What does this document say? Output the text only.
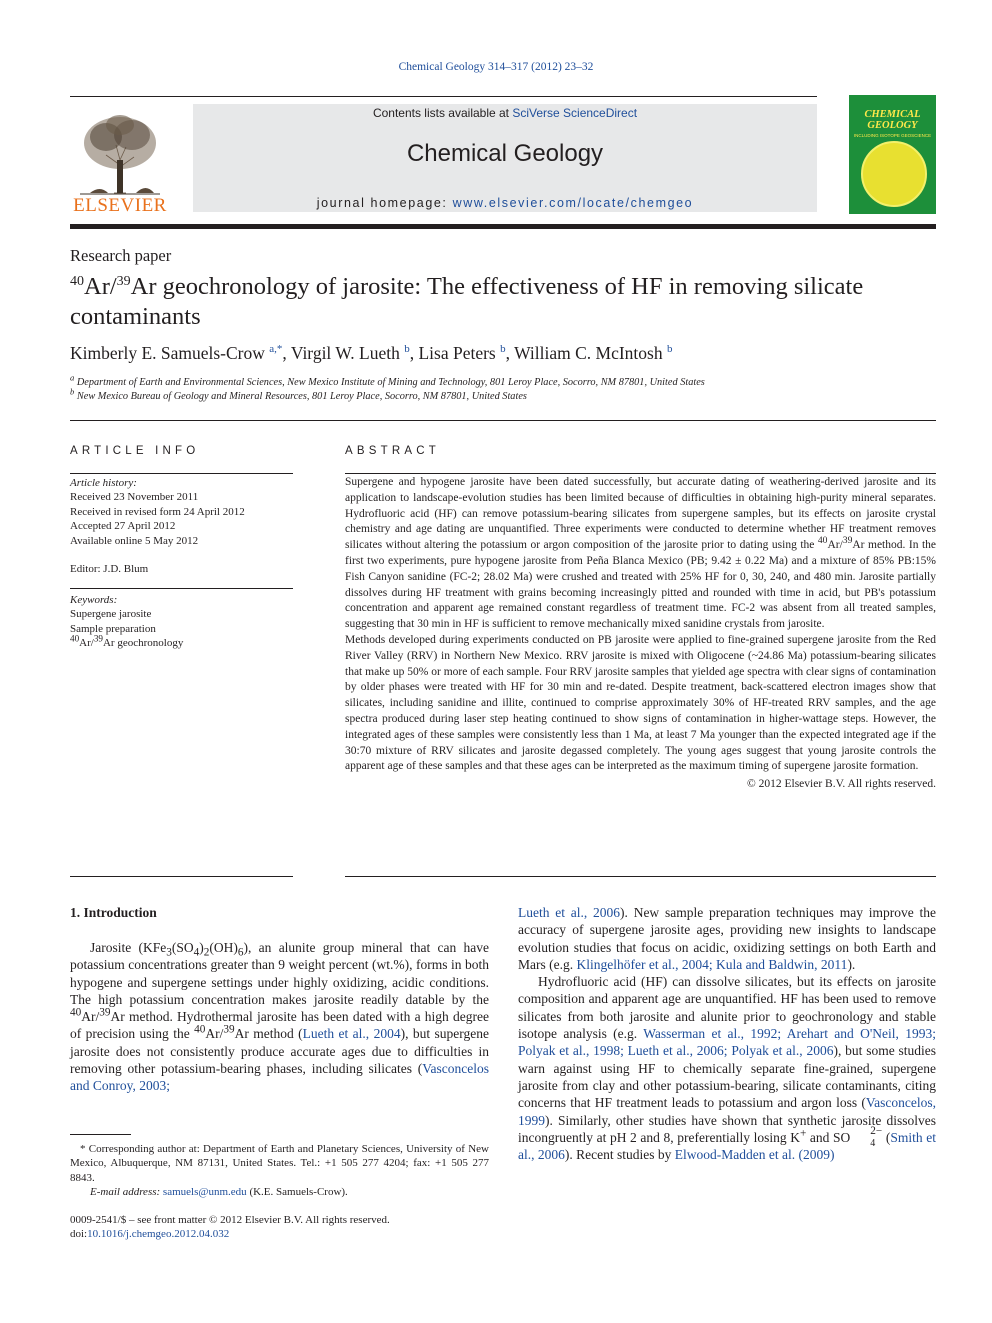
Chemical Geology 314–317 (2012) 23–32
ELSEVIER
Contents lists available at SciVerse ScienceDirect
Chemical Geology
journal homepage: www.elsevier.com/locate/chemgeo
CHEMICAL
GEOLOGY
INCLUDING ISOTOPE GEOSCIENCE
Research paper
$^{40}$Ar/$^{39}$Ar geochronology of jarosite: The effectiveness of HF in removing silicate contaminants
Kimberly E. Samuels-Crow $^{a,*}$, Virgil W. Lueth $^b$, Lisa Peters $^b$, William C. McIntosh $^b$
$^a$ Department of Earth and Environmental Sciences, New Mexico Institute of Mining and Technology, 801 Leroy Place, Socorro, NM 87801, United States
$^b$ New Mexico Bureau of Geology and Mineral Resources, 801 Leroy Place, Socorro, NM 87801, United States
ARTICLE INFO
Article history:
Received 23 November 2011
Received in revised form 24 April 2012
Accepted 27 April 2012
Available online 5 May 2012
Editor: J.D. Blum
Keywords:
Supergene jarosite
Sample preparation
$^{40}$Ar/$^{39}$Ar geochronology
ABSTRACT

Supergene and hypogene jarosite have been dated successfully, but accurate dating of weathering-derived jarosite and its application to landscape-evolution studies has been limited because of difficulties in obtaining high-purity mineral separates. Hydrofluoric acid (HF) can remove potassium-bearing silicates from supergene samples, but its effects on jarosite crystal chemistry and age dating are unquantified. Three experiments were conducted to determine whether HF treatment removes silicates without altering the potassium or argon composition of the jarosite prior to dating using the $^{40}$Ar/$^{39}$Ar method. In the first two experiments, pure hypogene jarosite from Peña Blanca Mexico (PB; 9.42 ± 0.22 Ma) and a mixture of 85% PB:15% Fish Canyon sanidine (FC-2; 28.02 Ma) were crushed and treated with 25% HF for 0, 30, 240, and 480 min. Jarosite partially dissolves during HF treatment with grains becoming increasingly pitted and rounded with time in acid, but PB's potassium concentration and apparent age remained constant regardless of treatment time. FC-2 was absent from all treated samples, suggesting that 30 min in HF is sufficient to remove mechanically mixed sanidine crystals from jarosite.

Methods developed during experiments conducted on PB jarosite were applied to fine-grained supergene jarosite from the Red River Valley (RRV) in Northern New Mexico. RRV jarosite is mixed with Oligocene (~24.86 Ma) potassium-bearing silicates that make up 50% or more of each sample. Four RRV jarosite samples that yielded age spectra with clear signs of contamination by older phases were treated with HF for 30 min and re-dated. Despite treatment, back-scattered electron images show that silicates, including sanidine and illite, continued to comprise approximately 30% of HF-treated RRV samples, and the age spectra produced during laser step heating continued to show signs of contamination in higher-wattage steps. However, the integrated ages of these samples were consistently less than 1 Ma, at least 7 Ma younger than the expected integrated age if the 30:70 mixture of RRV silicates and jarosite degassed completely. The young ages suggest that young jarosite controls the apparent age of these samples and that these ages can be interpreted as the maximum timing of supergene jarosite formation.

© 2012 Elsevier B.V. All rights reserved.

1. Introduction

Jarosite $(KFe_3(SO_4)_2(OH)_6)$, an alunite group mineral that can have potassium concentrations greater than 9 weight percent (wt.%), forms in both hypogene and supergene settings under highly oxidizing, acidic conditions. The high potassium concentration makes jarosite readily datable by the $^{40}$Ar/$^{39}$Ar method. Hydrothermal jarosite has been dated with a high degree of precision using the $^{40}$Ar/$^{39}$Ar method (Lueth et al., 2004), but supergene jarosite does not consistently produce accurate ages due to difficulties in removing other potassium-bearing phases, including silicates (Vasconcelos and Conroy, 2003;

Lueth et al., 2006). New sample preparation techniques may improve the accuracy of supergene jarosite ages, providing new insights to landscape evolution studies that focus on acidic, oxidizing settings on both Earth and Mars (e.g. Klingelhöfer et al., 2004; Kula and Baldwin, 2011).

Hydrofluoric acid (HF) can dissolve silicates, but its effects on jarosite composition and apparent age are unquantified. HF has been used to remove silicates from both jarosite and alunite prior to geochronology and stable isotope analysis (e.g. Wasserman et al., 1992; Arehart and O'Neil, 1993; Polyak et al., 1998; Lueth et al., 2006; Polyak et al., 2006), but some studies warn against using HF to chemically separate fine-grained, supergene jarosite from clay and other potassium-bearing, silicate contaminants, citing concerns that HF treatment leads to potassium and argon loss (Vasconcelos, 1999). Similarly, other studies have shown that synthetic jarosite dissolves incongruently at pH 2 and 8, preferentially losing K+ and SO $^{2-}$
4 (Smith et al., 2006). Recent studies by Elwood-Madden et al. (2009)

* Corresponding author at: Department of Earth and Planetary Sciences, University of New Mexico, Albuquerque, NM 87131, United States. Tel.: +1 505 277 4204; fax: +1 505 277 8843.
E-mail address: samuels@unm.edu (K.E. Samuels-Crow).
0009-2541/$ – see front matter © 2012 Elsevier B.V. All rights reserved.
doi:10.1016/j.chemgeo.2012.04.032
